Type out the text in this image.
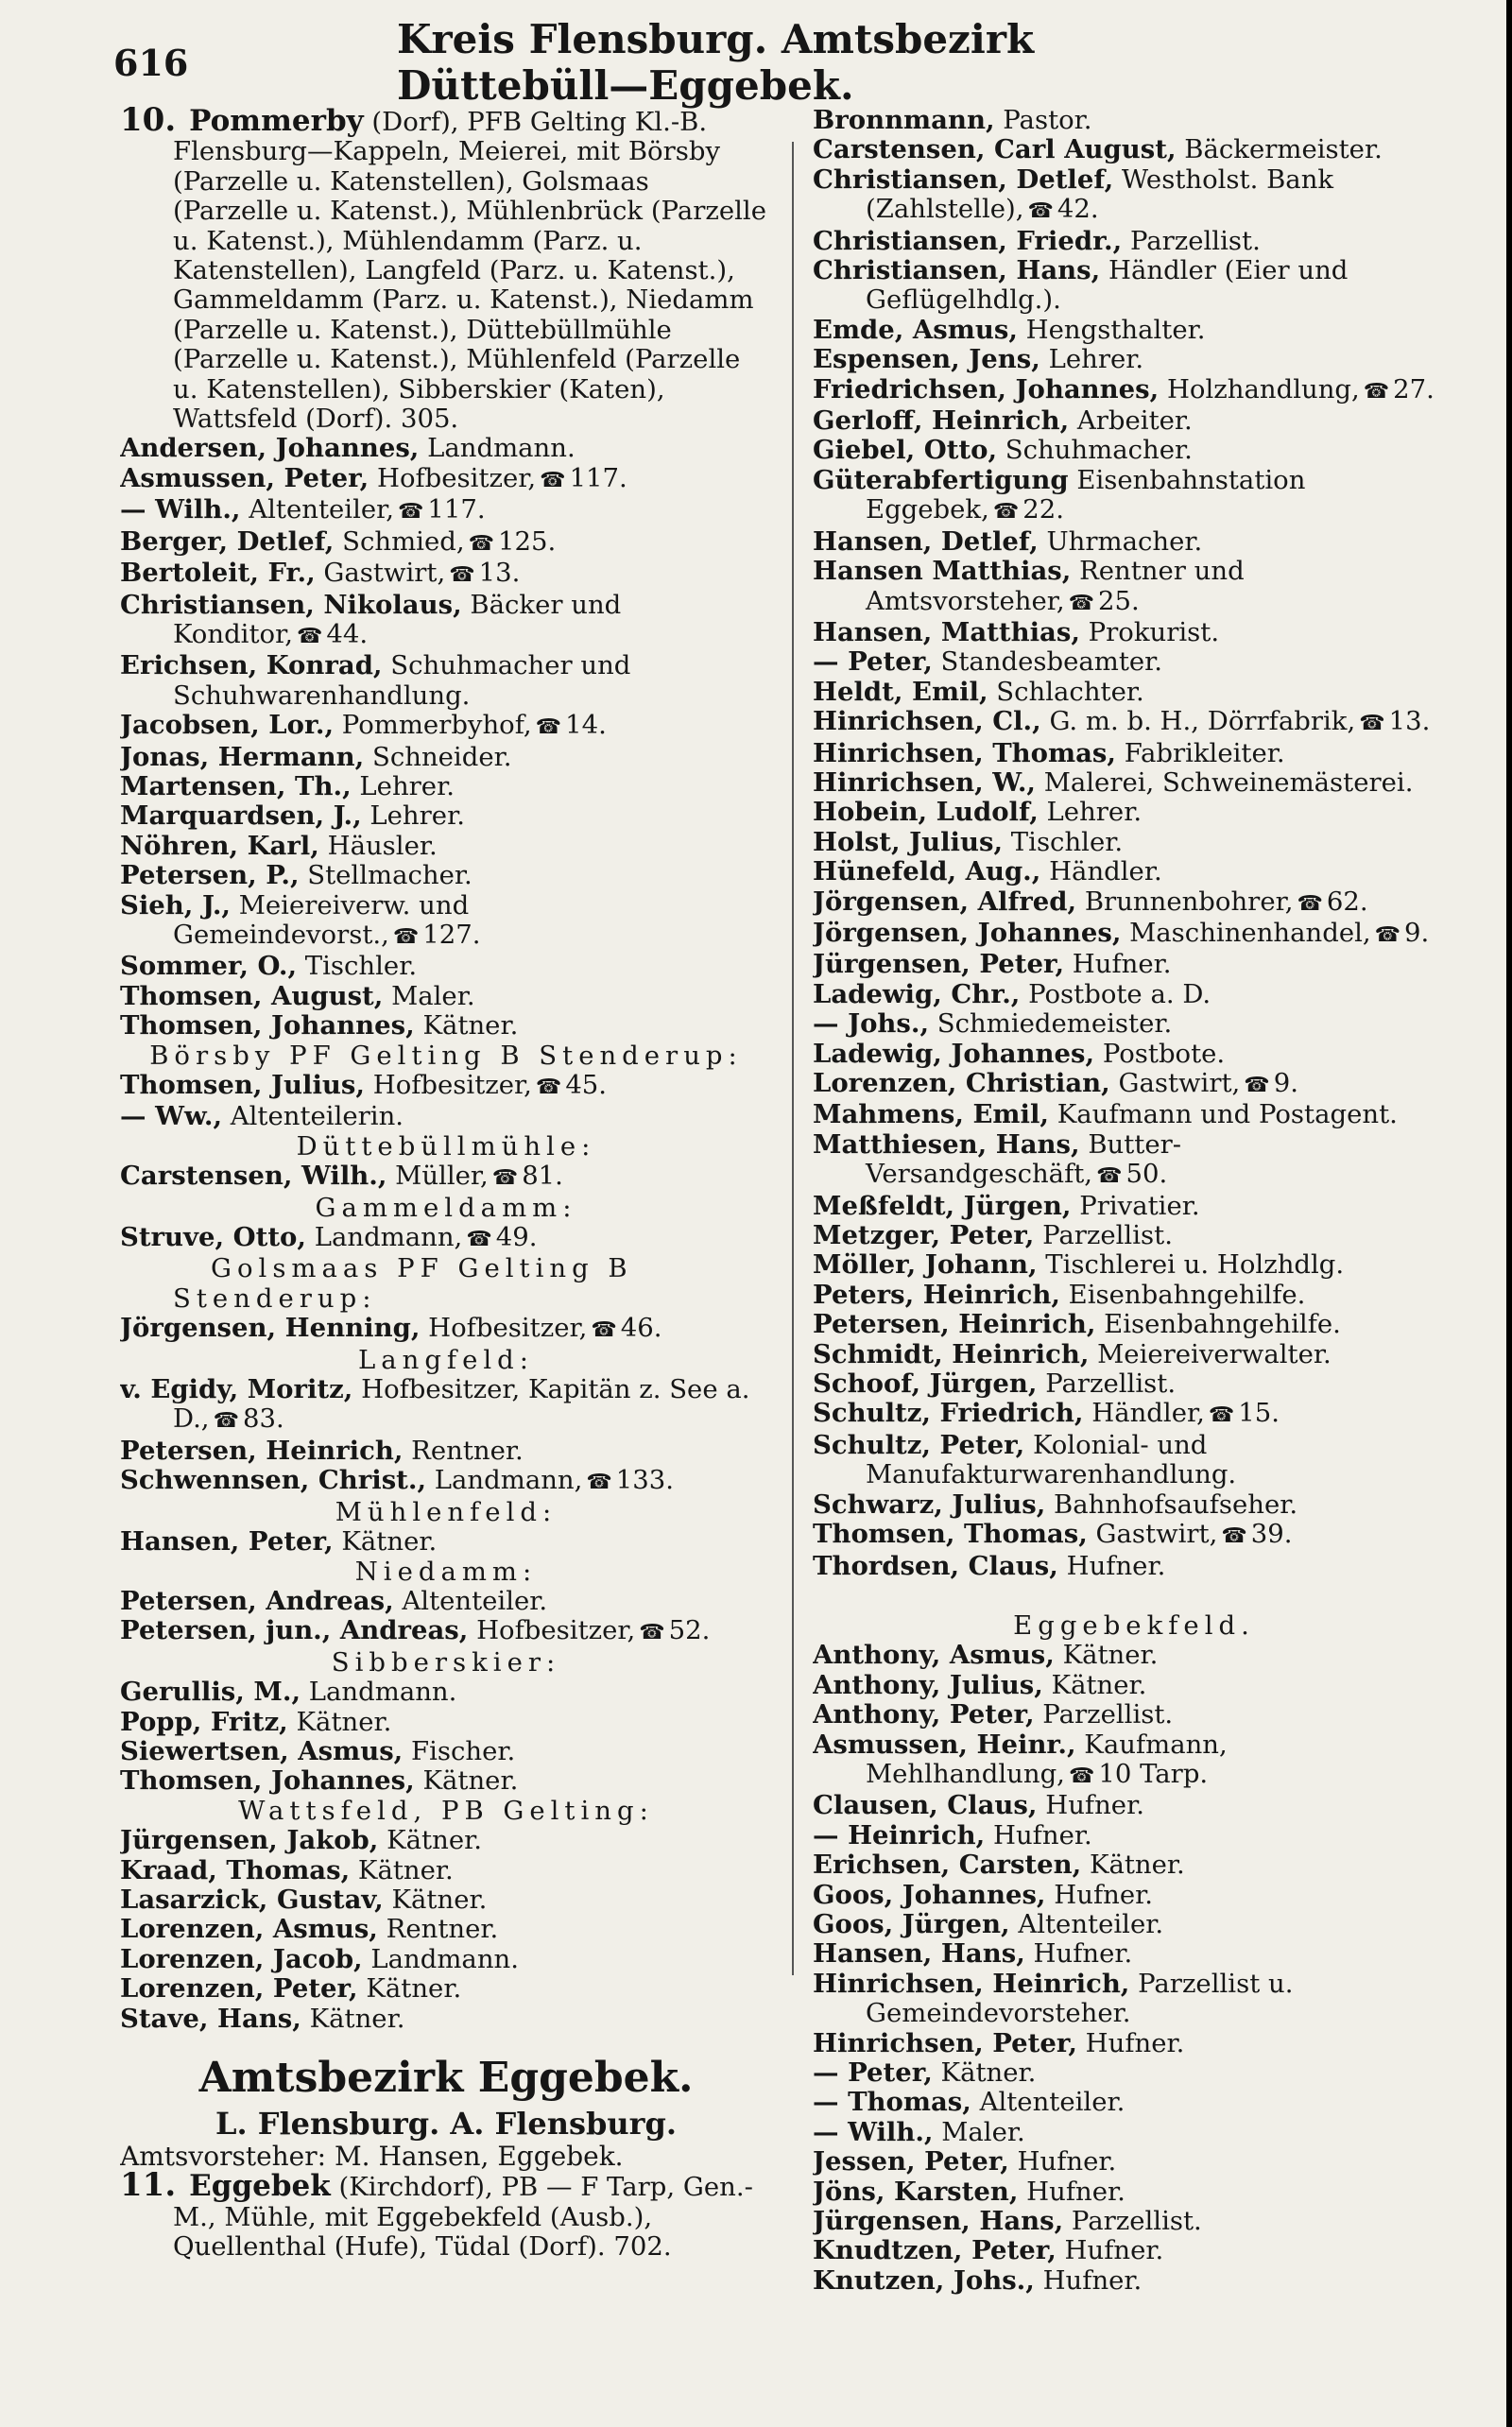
616	Kreis Flensburg. Amtsbezirk Düttebüll—Eggebek.

10. Pommerby (Dorf), PFB Gelting Kl.-B. Flensburg—Kappeln, Meierei, mit Börsby (Parzelle u. Katenstellen), Golsmaas (Parzelle u. Katenst.), Mühlenbrück (Parzelle u. Katenst.), Mühlendamm (Parz. u. Katenstellen), Langfeld (Parz. u. Katenst.), Gammeldamm (Parz. u. Katenst.), Niedamm (Parzelle u. Katenst.), Düttebüllmühle (Parzelle u. Katenst.), Mühlenfeld (Parzelle u. Katenstellen), Sibberskier (Katen), Wattsfeld (Dorf). 305.

Andersen, Johannes, Landmann.

Asmussen, Peter, Hofbesitzer, ☎ 117.

— Wilh., Altenteiler, ☎ 117.

Berger, Detlef, Schmied, ☎ 125.

Bertoleit, Fr., Gastwirt, ☎ 13.

Christiansen, Nikolaus, Bäcker und Konditor, ☎ 44.

Erichsen, Konrad, Schuhmacher und Schuhwarenhandlung.

Jacobsen, Lor., Pommerbyhof, ☎ 14.

Jonas, Hermann, Schneider.

Martensen, Th., Lehrer.

Marquardsen, J., Lehrer.

Nöhren, Karl, Häusler.

Petersen, P., Stellmacher.

Sieh, J., Meiereiverw. und Gemeindevorst., ☎ 127.

Sommer, O., Tischler.

Thomsen, August, Maler.

Thomsen, Johannes, Kätner.

Börsby PF Gelting B Stenderup:

Thomsen, Julius, Hofbesitzer, ☎ 45.

— Ww., Altenteilerin.

Düttebüllmühle:

Carstensen, Wilh., Müller, ☎ 81.

Gammeldamm:

Struve, Otto, Landmann, ☎ 49.

Golsmaas PF Gelting B Stenderup:

Jörgensen, Henning, Hofbesitzer, ☎ 46.

Langfeld:

v. Egidy, Moritz, Hofbesitzer, Kapitän z. See a. D., ☎ 83.

Petersen, Heinrich, Rentner.

Schwennsen, Christ., Landmann, ☎ 133.

Mühlenfeld:

Hansen, Peter, Kätner.

Niedamm:

Petersen, Andreas, Altenteiler.

Petersen, jun., Andreas, Hofbesitzer, ☎ 52.

Sibberskier:

Gerullis, M., Landmann.

Popp, Fritz, Kätner.

Siewertsen, Asmus, Fischer.

Thomsen, Johannes, Kätner.

Wattsfeld, PB Gelting:

Jürgensen, Jakob, Kätner.

Kraad, Thomas, Kätner.

Lasarzick, Gustav, Kätner.

Lorenzen, Asmus, Rentner.

Lorenzen, Jacob, Landmann.

Lorenzen, Peter, Kätner.

Stave, Hans, Kätner.

Amtsbezirk Eggebek.

L. Flensburg. A. Flensburg.

Amtsvorsteher: M. Hansen, Eggebek.

11. Eggebek (Kirchdorf), PB — F Tarp, Gen.-M., Mühle, mit Eggebekfeld (Ausb.), Quellenthal (Hufe), Tüdal (Dorf). 702.

Bronnmann, Pastor.

Carstensen, Carl August, Bäckermeister.

Christiansen, Detlef, Westholst. Bank (Zahlstelle), ☎ 42.

Christiansen, Friedr., Parzellist.

Christiansen, Hans, Händler (Eier und Geflügelhdlg.).

Emde, Asmus, Hengsthalter.

Espensen, Jens, Lehrer.

Friedrichsen, Johannes, Holzhandlung, ☎ 27.

Gerloff, Heinrich, Arbeiter.

Giebel, Otto, Schuhmacher.

Güterabfertigung Eisenbahnstation Eggebek, ☎ 22.

Hansen, Detlef, Uhrmacher.

Hansen Matthias, Rentner und Amtsvorsteher, ☎ 25.

Hansen, Matthias, Prokurist.

— Peter, Standesbeamter.

Heldt, Emil, Schlachter.

Hinrichsen, Cl., G. m. b. H., Dörrfabrik, ☎ 13.

Hinrichsen, Thomas, Fabrikleiter.

Hinrichsen, W., Malerei, Schweinemästerei.

Hobein, Ludolf, Lehrer.

Holst, Julius, Tischler.

Hünefeld, Aug., Händler.

Jörgensen, Alfred, Brunnenbohrer, ☎ 62.

Jörgensen, Johannes, Maschinenhandel, ☎ 9.

Jürgensen, Peter, Hufner.

Ladewig, Chr., Postbote a. D.

— Johs., Schmiedemeister.

Ladewig, Johannes, Postbote.

Lorenzen, Christian, Gastwirt, ☎ 9.

Mahmens, Emil, Kaufmann und Postagent.

Matthiesen, Hans, Butter-Versandgeschäft, ☎ 50.

Meßfeldt, Jürgen, Privatier.

Metzger, Peter, Parzellist.

Möller, Johann, Tischlerei u. Holzhdlg.

Peters, Heinrich, Eisenbahngehilfe.

Petersen, Heinrich, Eisenbahngehilfe.

Schmidt, Heinrich, Meiereiverwalter.

Schoof, Jürgen, Parzellist.

Schultz, Friedrich, Händler, ☎ 15.

Schultz, Peter, Kolonial- und Manufakturwarenhandlung.

Schwarz, Julius, Bahnhofsaufseher.

Thomsen, Thomas, Gastwirt, ☎ 39.

Thordsen, Claus, Hufner.

Eggebekfeld.

Anthony, Asmus, Kätner.

Anthony, Julius, Kätner.

Anthony, Peter, Parzellist.

Asmussen, Heinr., Kaufmann, Mehlhandlung, ☎ 10 Tarp.

Clausen, Claus, Hufner.

— Heinrich, Hufner.

Erichsen, Carsten, Kätner.

Goos, Johannes, Hufner.

Goos, Jürgen, Altenteiler.

Hansen, Hans, Hufner.

Hinrichsen, Heinrich, Parzellist u. Gemeindevorsteher.

Hinrichsen, Peter, Hufner.

— Peter, Kätner.

— Thomas, Altenteiler.

— Wilh., Maler.

Jessen, Peter, Hufner.

Jöns, Karsten, Hufner.

Jürgensen, Hans, Parzellist.

Knudtzen, Peter, Hufner.

Knutzen, Johs., Hufner.
